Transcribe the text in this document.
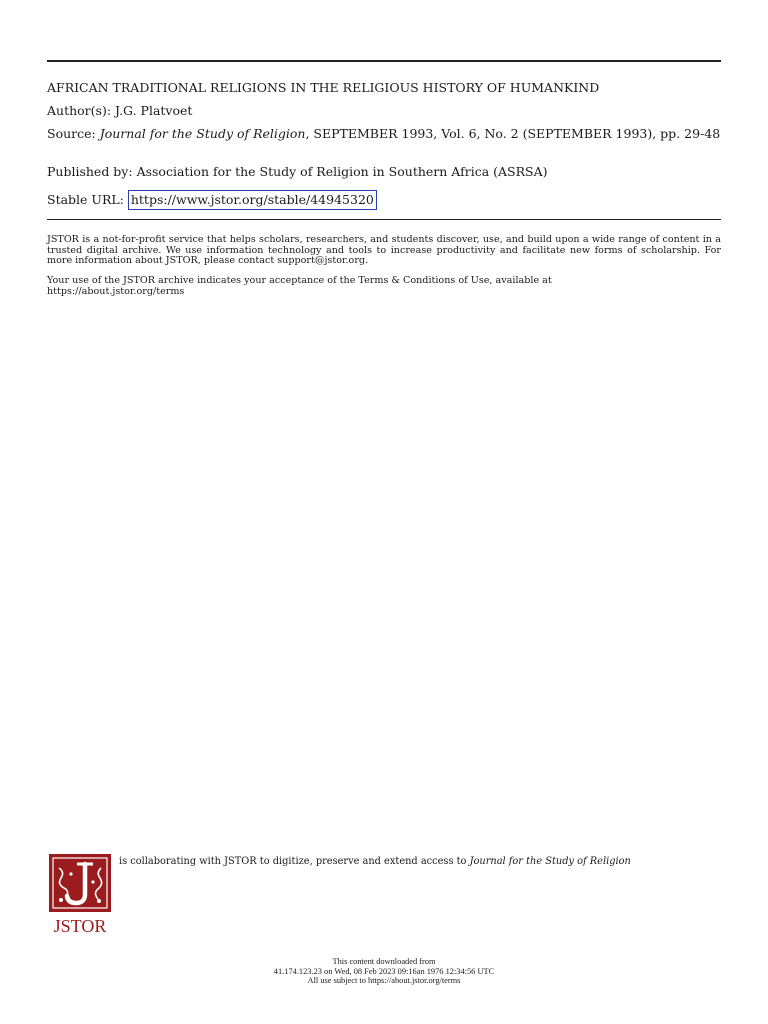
AFRICAN TRADITIONAL RELIGIONS IN THE RELIGIOUS HISTORY OF HUMANKIND
Author(s): J.G. Platvoet
Source: Journal for the Study of Religion, SEPTEMBER 1993, Vol. 6, No. 2 (SEPTEMBER 1993), pp. 29-48
Published by: Association for the Study of Religion in Southern Africa (ASRSA)
Stable URL: https://www.jstor.org/stable/44945320
JSTOR is a not-for-profit service that helps scholars, researchers, and students discover, use, and build upon a wide range of content in a trusted digital archive. We use information technology and tools to increase productivity and facilitate new forms of scholarship. For more information about JSTOR, please contact support@jstor.org.
Your use of the JSTOR archive indicates your acceptance of the Terms & Conditions of Use, available at
https://about.jstor.org/terms
JSTOR
is collaborating with JSTOR to digitize, preserve and extend access to Journal for the Study of Religion
This content downloaded from
41.174.123.23 on Wed, 08 Feb 2023 09:16an 1976 12:34:56 UTC
All use subject to https://about.jstor.org/terms
